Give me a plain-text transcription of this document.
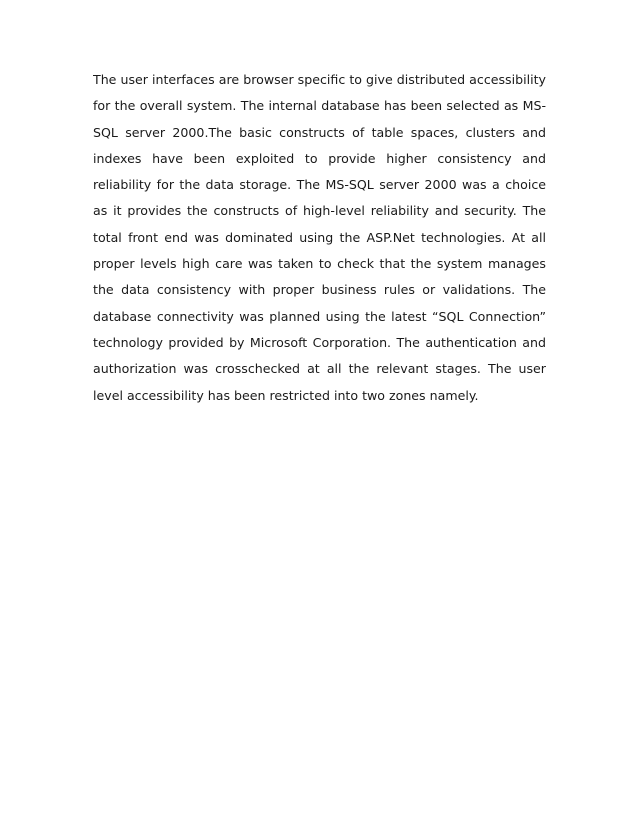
The user interfaces are browser specific to give distributed accessibility
for the overall system. The internal database has been selected as MS-
SQL server 2000.The basic constructs of table spaces, clusters and
indexes have been exploited to provide higher consistency and
reliability for the data storage. The MS-SQL server 2000 was a choice
as it provides the constructs of high-level reliability and security. The
total front end was dominated using the ASP.Net technologies. At all
proper levels high care was taken to check that the system manages
the data consistency with proper business rules or validations. The
database connectivity was planned using the latest “SQL Connection”
technology provided by Microsoft Corporation. The authentication and
authorization was crosschecked at all the relevant stages. The user
level accessibility has been restricted into two zones namely.
